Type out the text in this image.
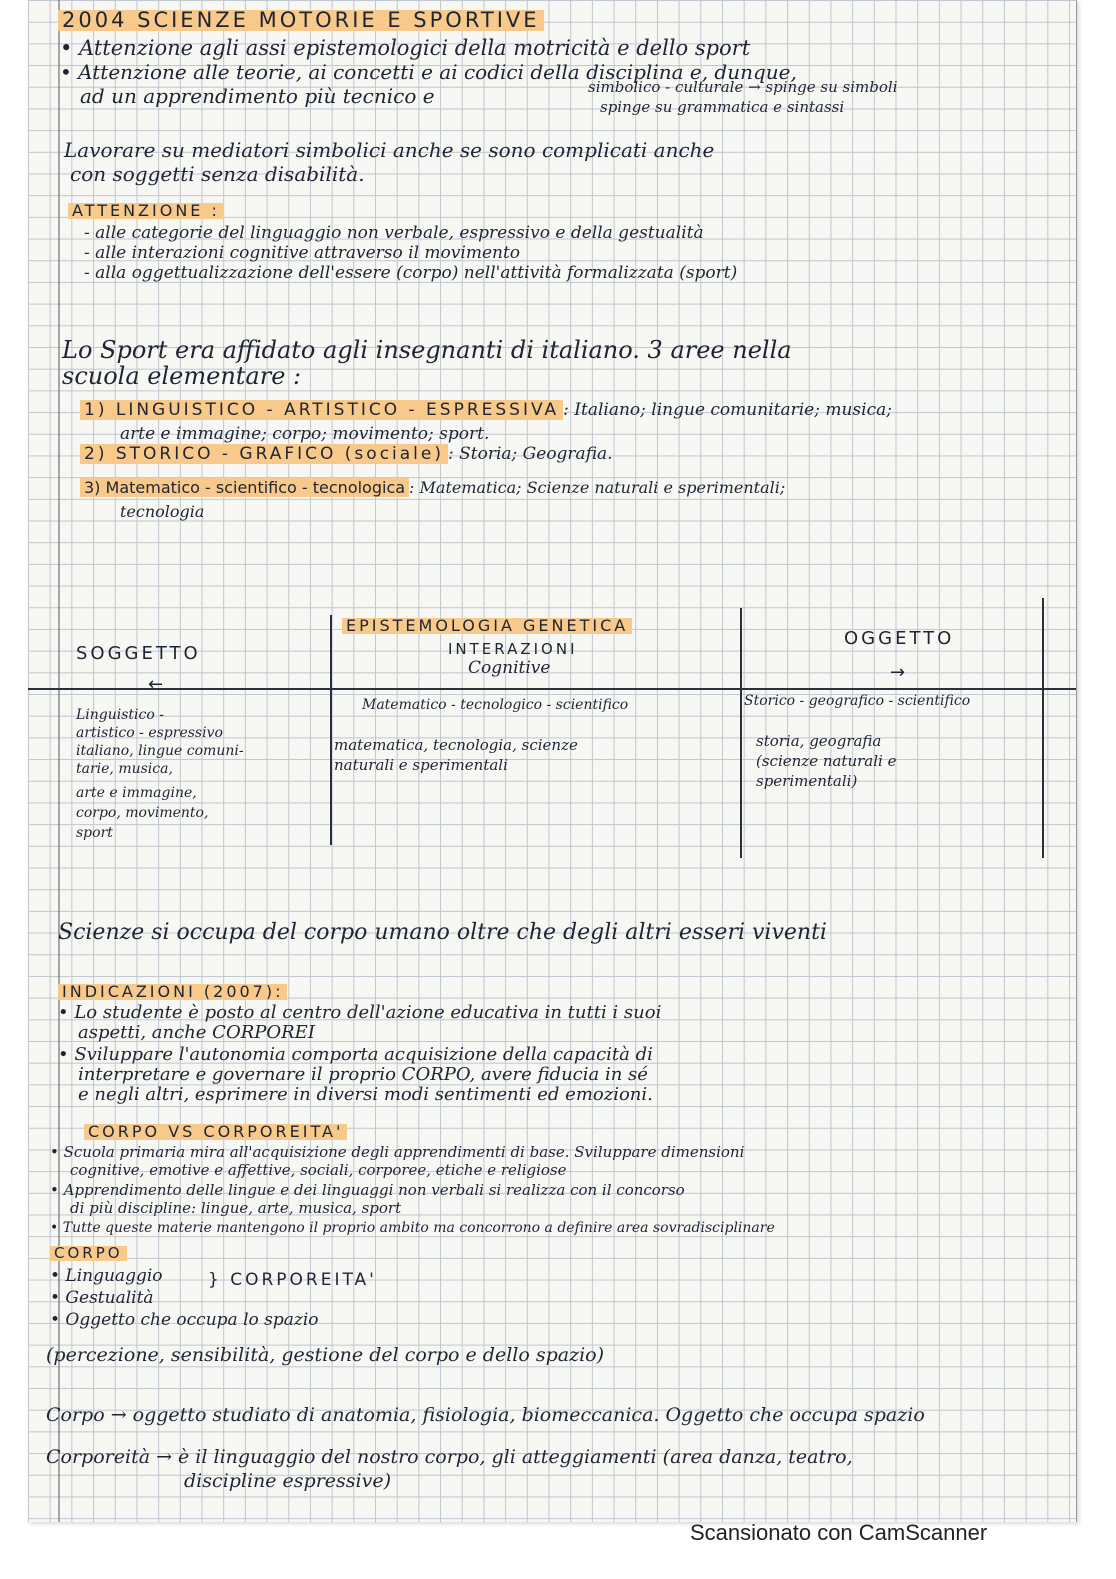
2004 SCIENZE MOTORIE E SPORTIVE
• Attenzione agli assi epistemologici della motricità e dello sport
• Attenzione alle teorie, ai concetti e ai codici della disciplina e, dunque,
ad un apprendimento più tecnico e	simbolico - culturale → spinge su simboli
spinge su grammatica e sintassi
Lavorare su mediatori simbolici anche se sono complicati anche
con soggetti senza disabilità.
ATTENZIONE :
- alle categorie del linguaggio non verbale, espressivo e della gestualità
- alle interazioni cognitive attraverso il movimento
- alla oggettualizzazione dell'essere (corpo) nell'attività formalizzata (sport)
Lo Sport era affidato agli insegnanti di italiano. 3 aree nella
scuola elementare :
1) LINGUISTICO - ARTISTICO - ESPRESSIVA : Italiano; lingue comunitarie; musica;
arte e immagine; corpo; movimento; sport.
2) STORICO - GRAFICO (sociale) : Storia; Geografia.
3) Matematico - scientifico - tecnologica : Matematica; Scienze naturali e sperimentali;
tecnologia
EPISTEMOLOGIA GENETICA
SOGGETTO
OGGETTO
INTERAZIONI
Cognitive
←
→
Linguistico -
artistico - espressivo
italiano, lingue comuni-
tarie, musica,
arte e immagine,
corpo, movimento,
sport
Matematico - tecnologico - scientifico
matematica, tecnologia, scienze
naturali e sperimentali
Storico - geografico - scientifico
storia, geografia
(scienze naturali e
sperimentali)
Scienze si occupa del corpo umano oltre che degli altri esseri viventi
INDICAZIONI (2007):
• Lo studente è posto al centro dell'azione educativa in tutti i suoi
aspetti, anche CORPOREI
• Sviluppare l'autonomia comporta acquisizione della capacità di
interpretare e governare il proprio CORPO, avere fiducia in sé
e negli altri, esprimere in diversi modi sentimenti ed emozioni.
CORPO VS CORPOREITA'
• Scuola primaria mira all'acquisizione degli apprendimenti di base. Sviluppare dimensioni
cognitive, emotive e affettive, sociali, corporee, etiche e religiose
• Apprendimento delle lingue e dei linguaggi non verbali si realizza con il concorso
di più discipline: lingue, arte, musica, sport
• Tutte queste materie mantengono il proprio ambito ma concorrono a definire area sovradisciplinare
CORPO
• Linguaggio
• Gestualità
} CORPOREITA'
• Oggetto che occupa lo spazio
(percezione, sensibilità, gestione del corpo e dello spazio)
Corpo → oggetto studiato di anatomia, fisiologia, biomeccanica. Oggetto che occupa spazio
Corporeità → è il linguaggio del nostro corpo, gli atteggiamenti (area danza, teatro,
discipline espressive)
Scansionato con CamScanner
